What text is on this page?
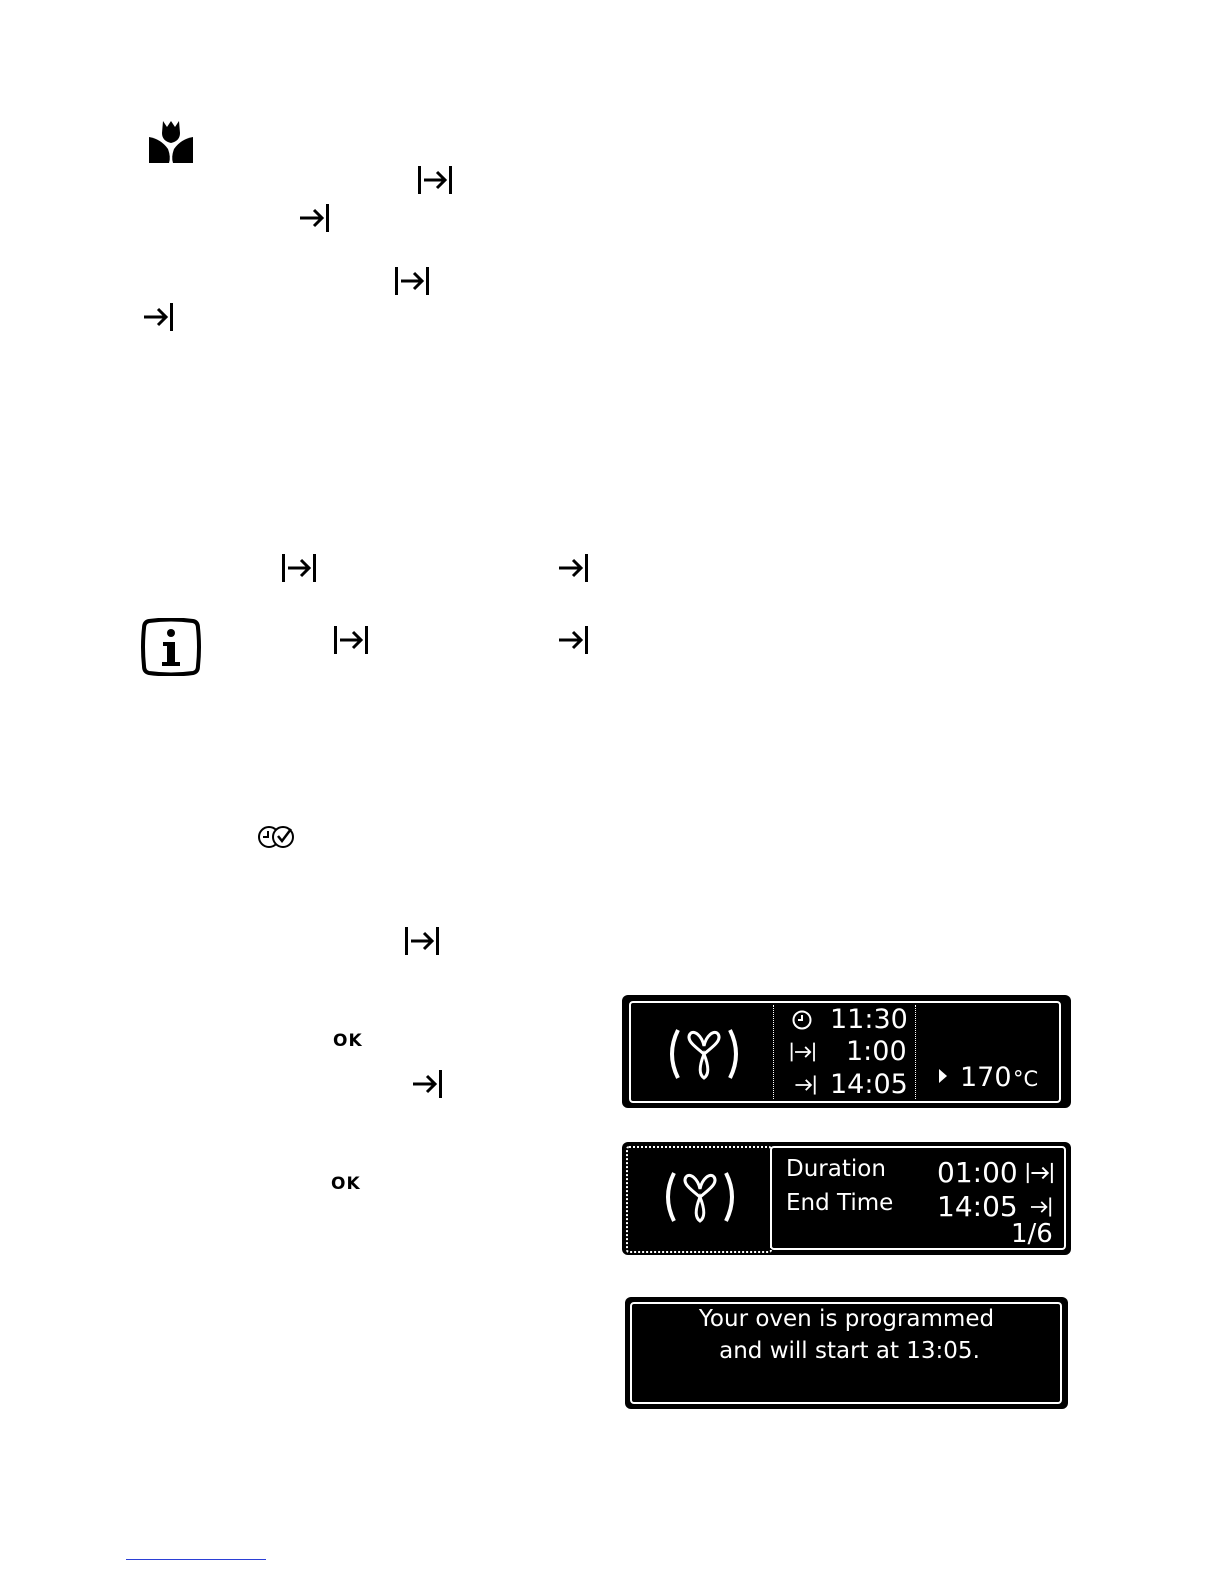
OK
OK
11:30
1:00
14:05 170 °C
Duration 01:00
End Time 14:05
1/6
Your oven is programmed
and will start at 13:05.
